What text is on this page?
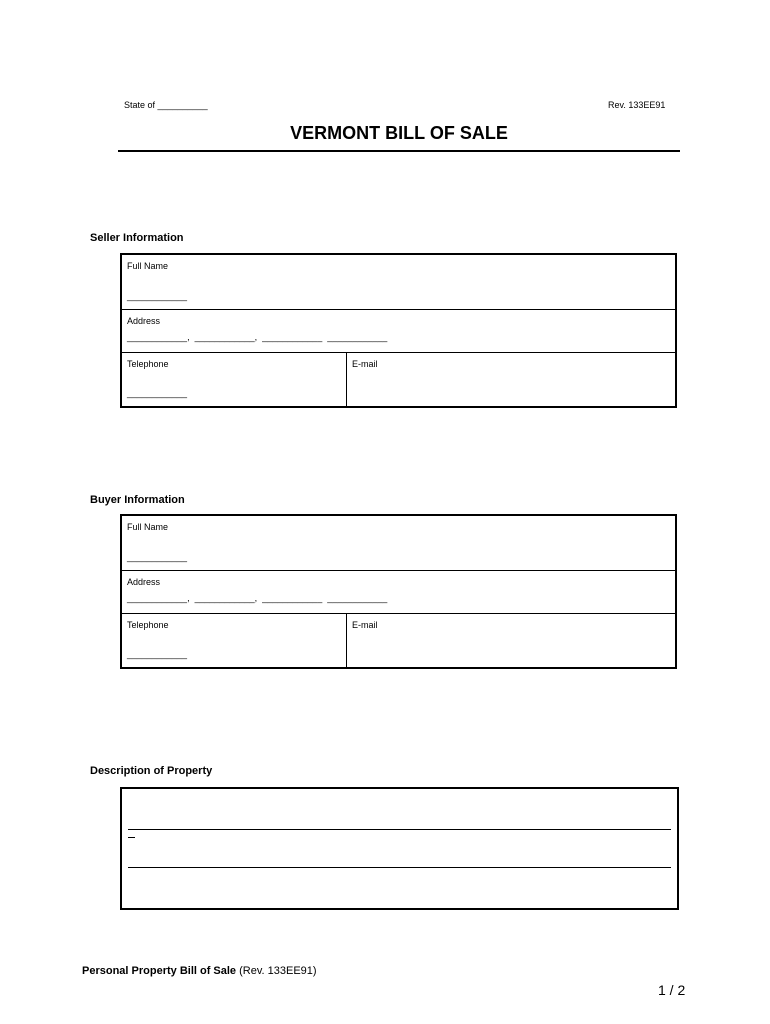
State of __________	Rev. 133EE91
VERMONT BILL OF SALE
Seller Information
Full Name
____________
Address
____________,  ____________,  ____________  ____________
Telephone
____________
E-mail
Buyer Information
Full Name
____________
Address
____________,  ____________,  ____________  ____________
Telephone
____________
E-mail
Description of Property
Personal Property Bill of Sale (Rev. 133EE91)
1 / 2
